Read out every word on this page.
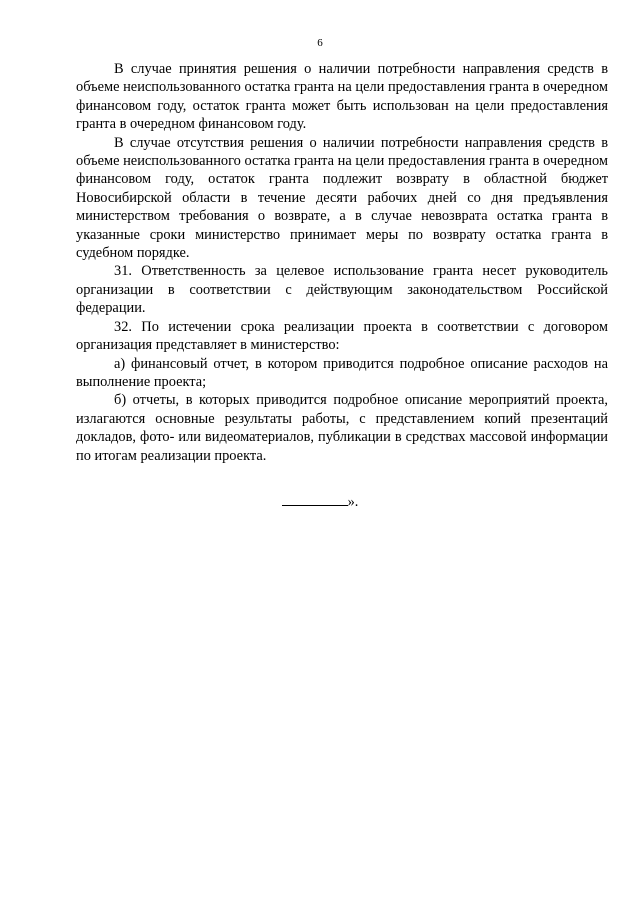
6

В случае принятия решения о наличии потребности направления средств в объеме неиспользованного остатка гранта на цели предоставления гранта в очередном финансовом году, остаток гранта может быть использован на цели предоставления гранта в очередном финансовом году.

В случае отсутствия решения о наличии потребности направления средств в объеме неиспользованного остатка гранта на цели предоставления гранта в очередном финансовом году, остаток гранта подлежит возврату в областной бюджет Новосибирской области в течение десяти рабочих дней со дня предъявления министерством требования о возврате, а в случае невозврата остатка гранта в указанные сроки министерство принимает меры по возврату остатка гранта в судебном порядке.

31. Ответственность за целевое использование гранта несет руководитель организации в соответствии с действующим законодательством Российской федерации.

32. По истечении срока реализации проекта в соответствии с договором организация представляет в министерство:

а) финансовый отчет, в котором приводится подробное описание расходов на выполнение проекта;

б) отчеты, в которых приводится подробное описание мероприятий проекта, излагаются основные результаты работы, с представлением копий презентаций докладов, фото- или видеоматериалов, публикации в средствах массовой информации по итогам реализации проекта.

».
